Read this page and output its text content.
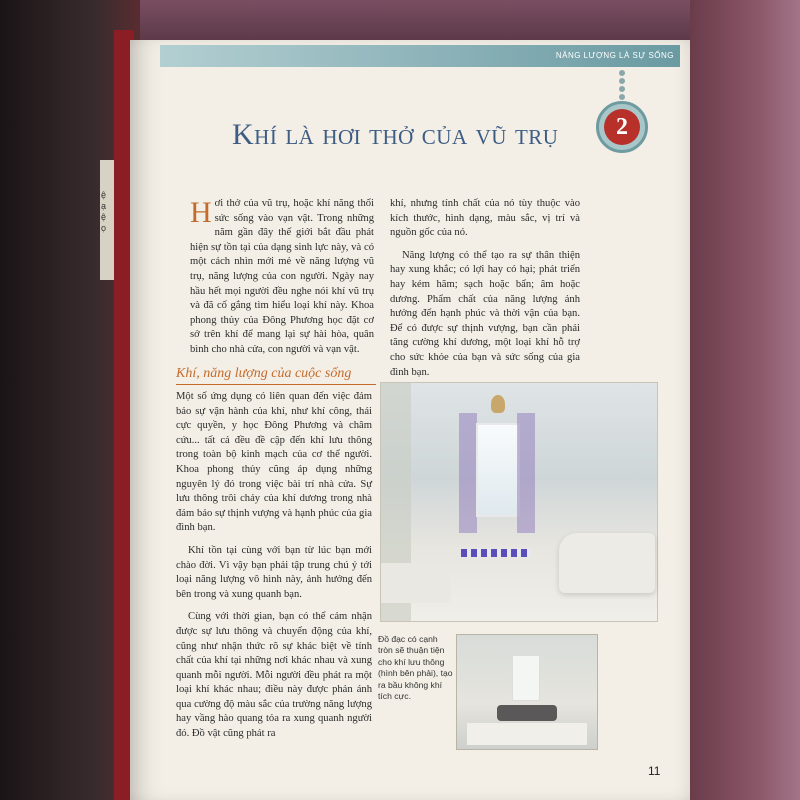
ệ
ạ
ệ
ọ
NĂNG LƯỢNG LÀ SỰ SỐNG
2
Khí là hơi thở của vũ trụ

Hơi thở của vũ trụ, hoặc khí năng thổi sức sống vào vạn vật. Trong những năm gần đây thế giới bắt đầu phát hiện sự tồn tại của dạng sinh lực này, và có một cách nhìn mới mẻ về năng lượng vũ trụ, năng lượng của con người. Ngày nay hầu hết mọi người đều nghe nói khí vũ trụ và đã cố gắng tìm hiểu loại khí này. Khoa phong thủy của Đông Phương học đặt cơ sở trên khí để mang lại sự hài hòa, quân bình cho nhà cửa, con người và vạn vật.

Khí, năng lượng của cuộc sống

Một số ứng dụng có liên quan đến việc đảm bảo sự vận hành của khí, như khí công, thái cực quyền, y học Đông Phương và châm cứu... tất cả đều đề cập đến khí lưu thông trong toàn bộ kinh mạch của cơ thể người. Khoa phong thủy cũng áp dụng những nguyên lý đó trong việc bài trí nhà cửa. Sự lưu thông trôi chảy của khí dương trong nhà đảm bảo sự thịnh vượng và hạnh phúc của gia đình bạn.

Khí tồn tại cùng với bạn từ lúc bạn mới chào đời. Vì vậy bạn phải tập trung chú ý tới loại năng lượng vô hình này, ảnh hưởng đến bên trong và xung quanh bạn.

Cùng với thời gian, bạn có thể cảm nhận được sự lưu thông và chuyển động của khí, cũng như nhận thức rõ sự khác biệt về tính chất của khí tại những nơi khác nhau và xung quanh mỗi người. Mỗi người đều phát ra một loại khí khác nhau; điều này được phản ánh qua cường độ màu sắc của trường năng lượng hay vầng hào quang tỏa ra xung quanh người đó. Đồ vật cũng phát ra

khí, nhưng tính chất của nó tùy thuộc vào kích thước, hình dạng, màu sắc, vị trí và nguồn gốc của nó.

Năng lượng có thể tạo ra sự thân thiện hay xung khắc; có lợi hay có hại; phát triển hay kém hãm; sạch hoặc bẩn; âm hoặc dương. Phẩm chất của năng lượng ảnh hưởng đến hạnh phúc và thời vận của bạn. Để có được sự thịnh vượng, bạn cần phải tăng cường khí dương, một loại khí hỗ trợ cho sức khỏe của bạn và sức sống của gia đình bạn.

Đồ đạc có cạnh tròn sẽ thuận tiện cho khí lưu thông (hình bên phải), tạo ra bầu không khí tích cực.
11
